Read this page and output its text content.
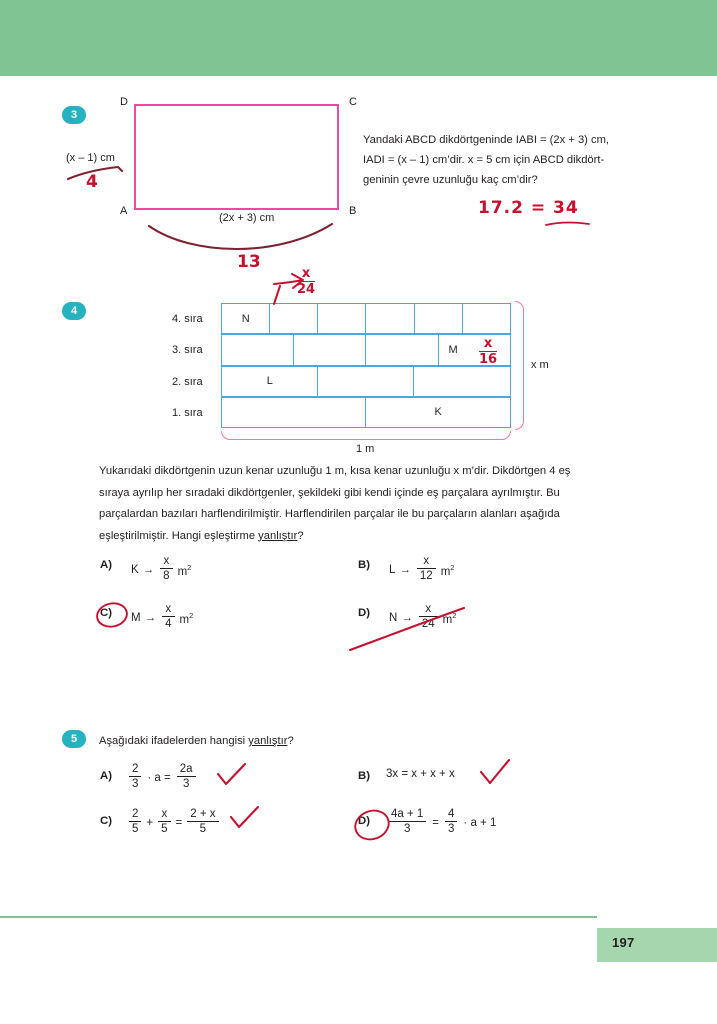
197
3
D	C
A	B
(x – 1) cm
(2x + 3) cm
Yandaki ABCD dikdörtgeninde IABI = (2x + 3) cm,
IADI = (x – 1) cm’dir. x = 5 cm için ABCD dikdört-
geninin çevre uzunluğu kaç cm’dir?
4
13
17.2 = 34
4
4. sıra
3. sıra
2. sıra
1. sıra
N
M
L
K
x m
1 m
$\frac{x}{24}$
$\frac{x}{16}$
Yukarıdaki dikdörtgenin uzun kenar uzunluğu 1 m, kısa kenar uzunluğu x m’dir. Dikdörtgen 4 eş
sıraya ayrılıp her sıradaki dikdörtgenler, şekildeki gibi kendi içinde eş parçalara ayrılmıştır. Bu
parçalardan bazıları harflendirilmiştir. Harflendirilen parçalar ile bu parçaların alanları aşağıda
eşleştirilmiştir. Hangi eşleştirme yanlıştır?
A) $K \to \frac{x}{8} m^2$	B) $L \to \frac{x}{12} m^2$
C) $M \to \frac{x}{4} m^2$	D) $N \to \frac{x}{24} m^2$
5	Aşağıdaki ifadelerden hangisi yanlıştır?
$A) \frac{2}{3} \cdot a = \frac{2a}{3}$	B) 3x = x + x + x
$C) \frac{2}{5} + \frac{x}{5} = \frac{2 + x}{5}$	$D) \frac{4a + 1}{3} = \frac{4}{3} \cdot a + 1$
